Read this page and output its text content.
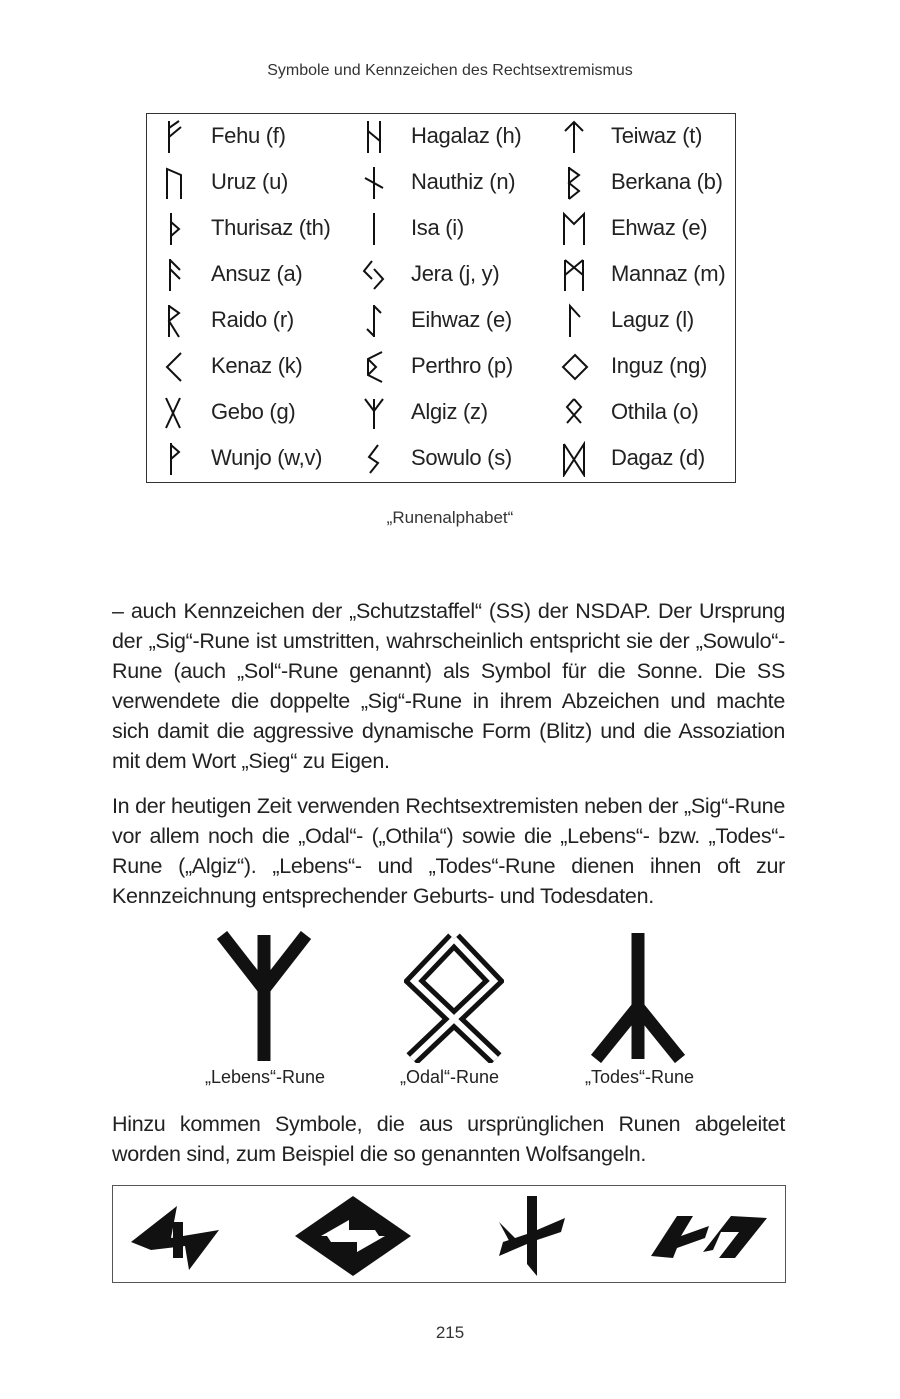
Symbole und Kennzeichen des Rechtsextremismus
Fehu (f)
Uruz (u)
Thurisaz (th)
Ansuz (a)
Raido (r)
Kenaz (k)
Gebo (g)
Wunjo (w,v)
Hagalaz (h)
Nauthiz (n)
Isa (i)
Jera (j, y)
Eihwaz (e)
Perthro (p)
Algiz (z)
Sowulo (s)
Teiwaz (t)
Berkana (b)
Ehwaz (e)
Mannaz (m)
Laguz (l)
Inguz (ng)
Othila (o)
Dagaz (d)
„Runenalphabet“

– auch Kennzeichen der „Schutzstaffel“ (SS) der NSDAP. Der Ursprung der „Sig“-Rune ist umstritten, wahrscheinlich entspricht sie der „Sowulo“-Rune (auch „Sol“-Rune genannt) als Symbol für die Sonne. Die SS verwendete die doppelte „Sig“-Rune in ihrem Abzeichen und machte sich damit die aggressive dynamische Form (Blitz) und die Assoziation mit dem Wort „Sieg“ zu Eigen.

In der heutigen Zeit verwenden Rechtsextremisten neben der „Sig“-Rune vor allem noch die „Odal“- („Othila“) sowie die „Lebens“- bzw. „Todes“-Rune („Algiz“). „Lebens“- und „Todes“-Rune dienen ihnen oft zur Kennzeichnung entsprechender Geburts- und Todesdaten.

„Lebens“-Rune	„Odal“-Rune	„Todes“-Rune

Hinzu kommen Symbole, die aus ursprünglichen Runen abgeleitet worden sind, zum Beispiel die so genannten Wolfsangeln.

215
